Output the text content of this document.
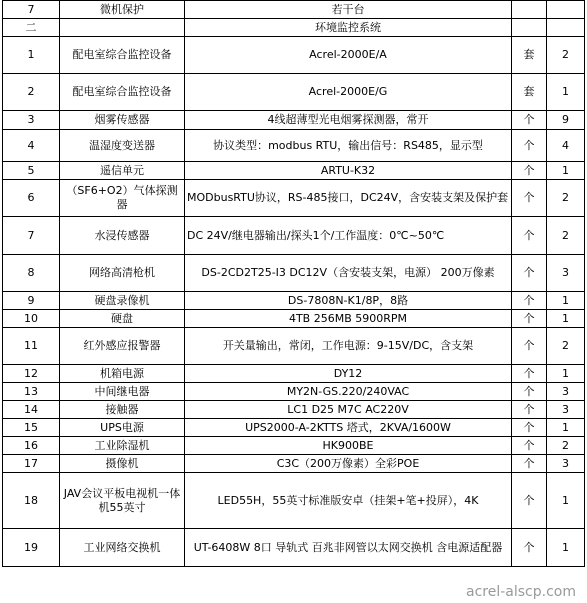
7	微机保护	若干台		
二		环境监控系统		
1	配电室综合监控设备	Acrel-2000E/A	套	2
2	配电室综合监控设备	Acrel-2000E/G	套	1
3	烟雾传感器	4线超薄型光电烟雾探测器，常开	个	9
4	温湿度变送器	协议类型：modbus RTU，输出信号：RS485，显示型	个	4
5	遥信单元	ARTU-K32	个	1
6	（SF6+O2）气体探测器	MODbusRTU协议，RS-485接口，DC24V，含安装支架及保护套	个	2
7	水浸传感器	DC 24V/继电器输出/探头1个/工作温度：0℃~50℃	个	2
8	网络高清枪机	DS-2CD2T25-I3 DC12V（含安装支架，电源） 200万像素	个	3
9	硬盘录像机	DS-7808N-K1/8P，8路	个	1
10	硬盘	4TB 256MB 5900RPM	个	1
11	红外感应报警器	开关量输出，常闭，工作电源：9-15V/DC，含支架	个	2
12	机箱电源	DY12	个	1
13	中间继电器	MY2N-GS.220/240VAC	个	3
14	接触器	LC1 D25 M7C AC220V	个	3
15	UPS电源	UPS2000-A-2KTTS 塔式，2KVA/1600W	个	1
16	工业除湿机	HK900BE	个	2
17	摄像机	C3C（200万像素）全彩POE	个	3
18	JAV会议平板电视机一体机55英寸	LED55H，55英寸标准版安卓（挂架+笔+投屏），4K	个	1
19	工业网络交换机	UT-6408W 8口 导轨式 百兆非网管以太网交换机 含电源适配器	个	1
acrel-alscp.com
